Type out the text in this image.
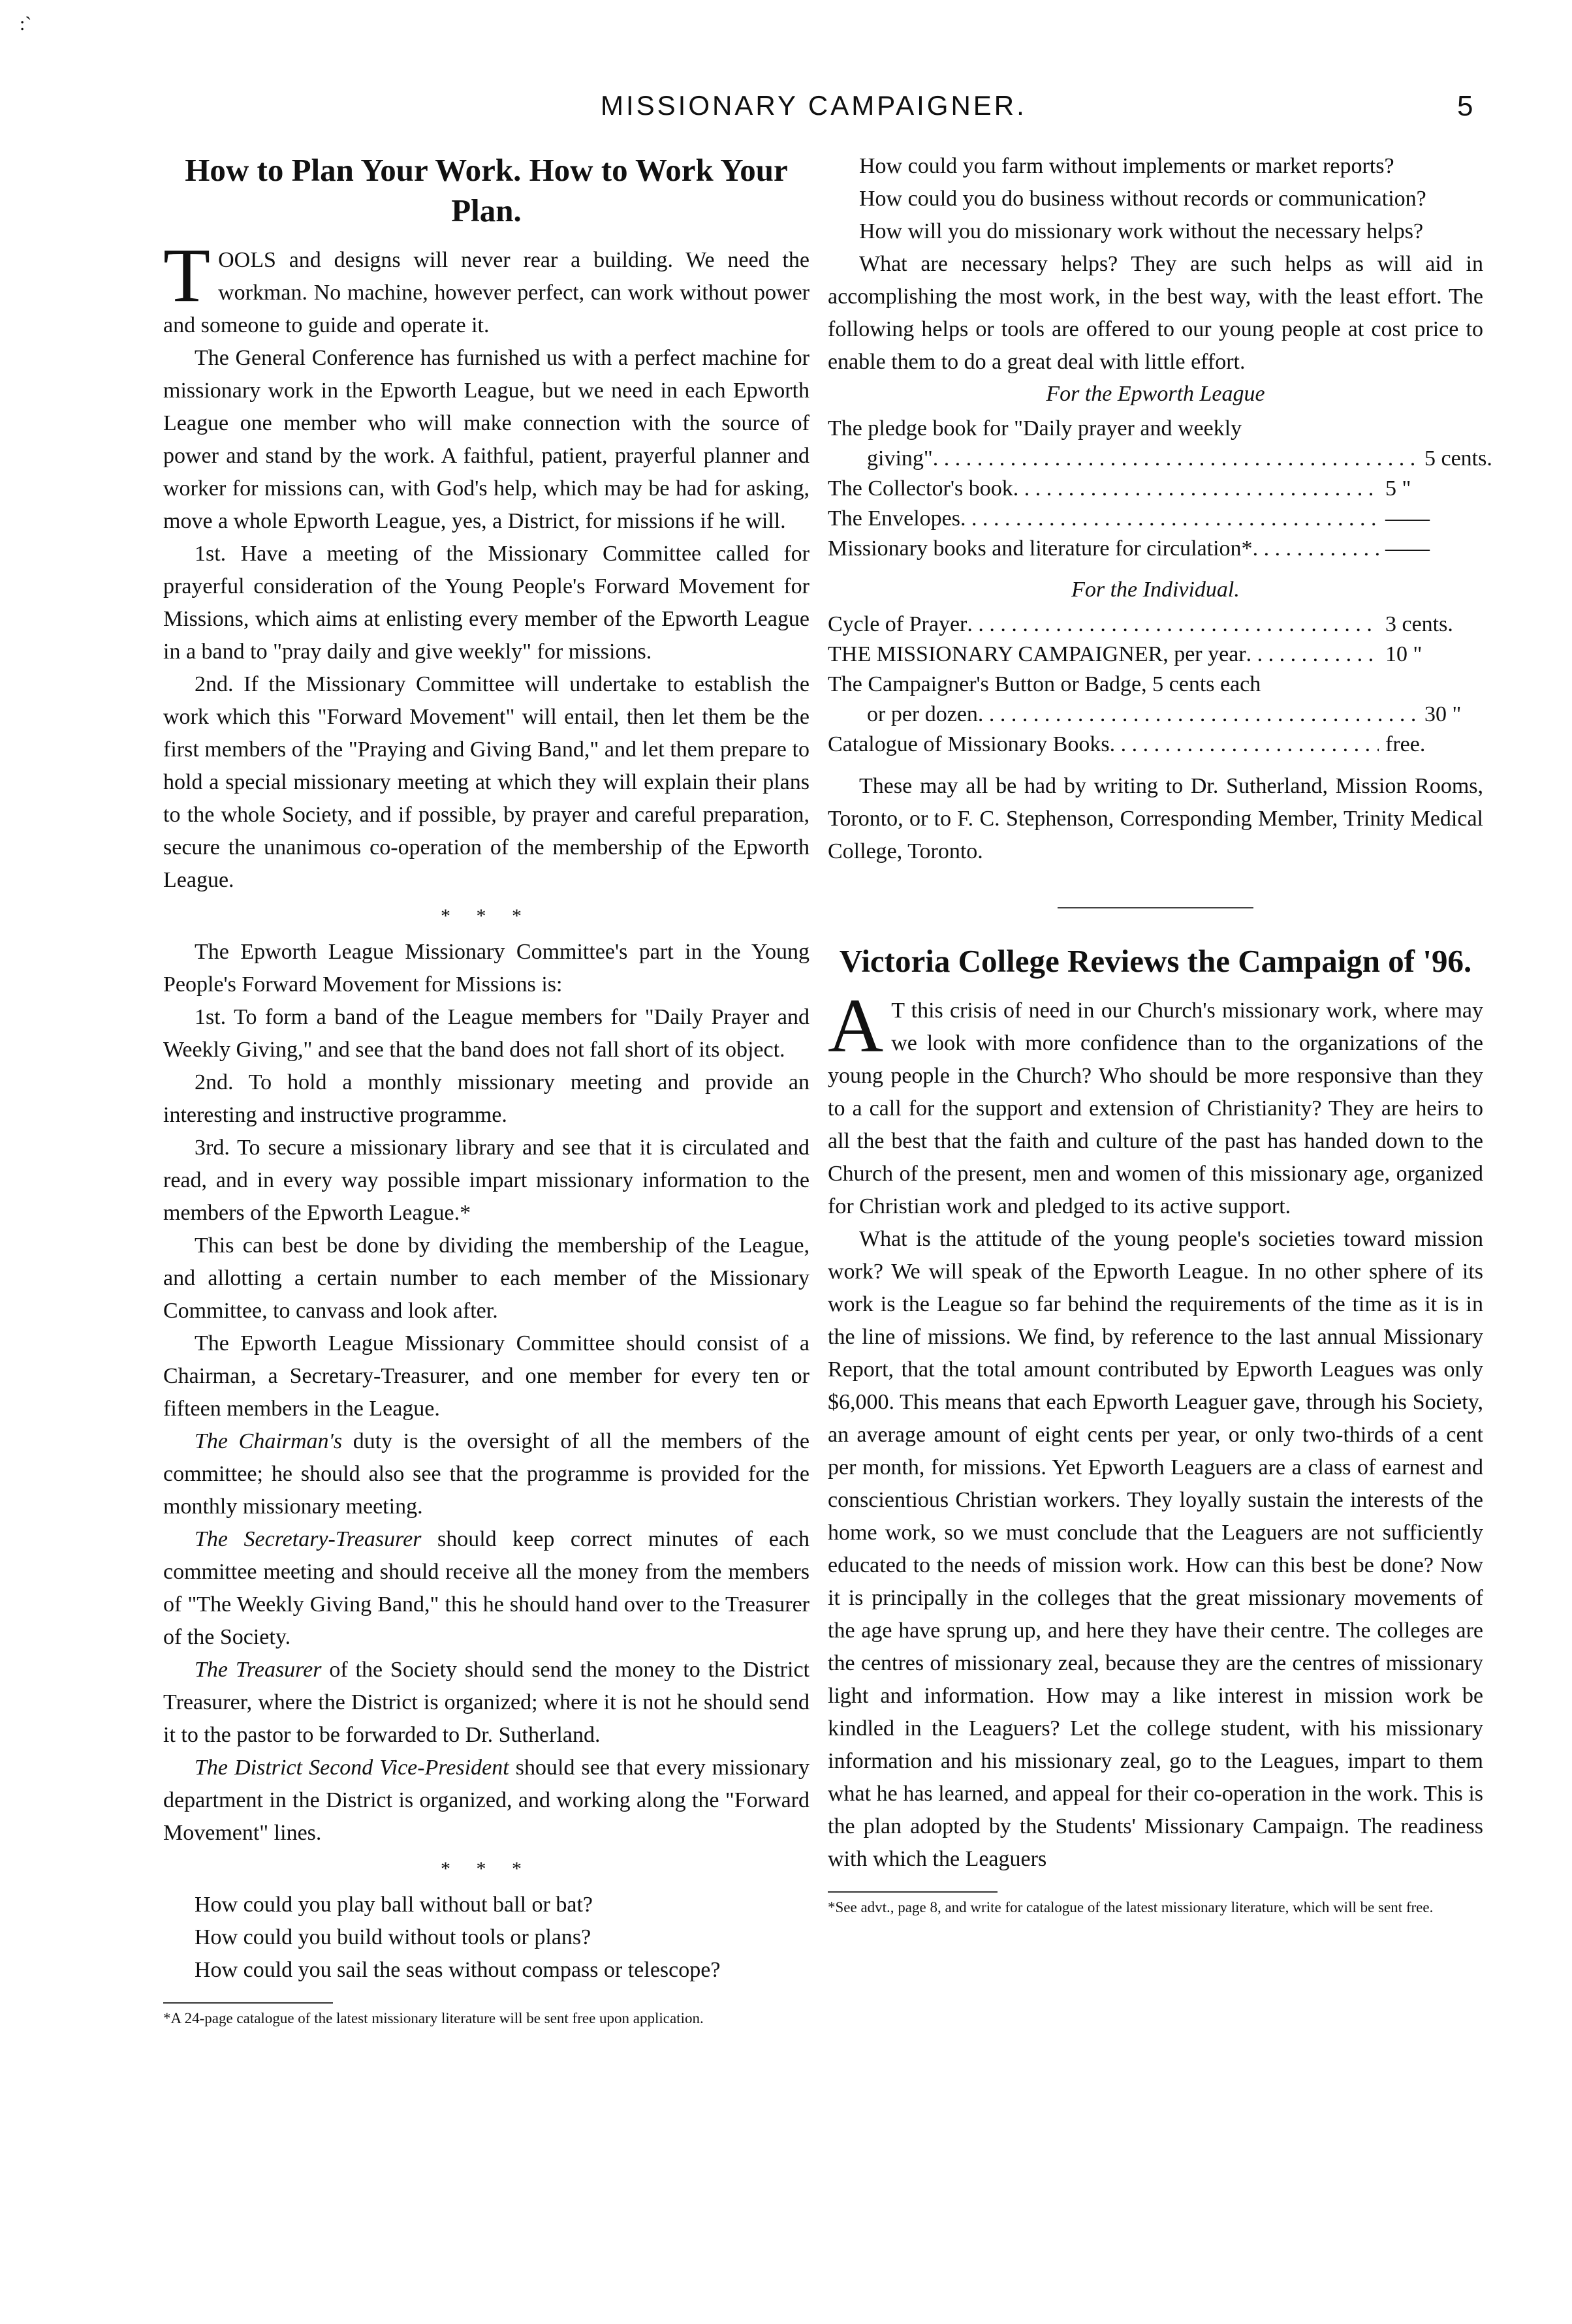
:`
MISSIONARY CAMPAIGNER.	5
How to Plan Your Work. How to Work Your Plan.

TOOLS and designs will never rear a building. We need the workman. No machine, however perfect, can work without power and someone to guide and operate it.

The General Conference has furnished us with a perfect machine for missionary work in the Epworth League, but we need in each Epworth League one member who will make connection with the source of power and stand by the work. A faithful, patient, prayerful planner and worker for missions can, with God's help, which may be had for asking, move a whole Epworth League, yes, a District, for missions if he will.

1st. Have a meeting of the Missionary Committee called for prayerful consideration of the Young People's Forward Movement for Missions, which aims at enlisting every member of the Epworth League in a band to "pray daily and give weekly" for missions.

2nd. If the Missionary Committee will undertake to establish the work which this "Forward Movement" will entail, then let them be the first members of the "Praying and Giving Band," and let them prepare to hold a special missionary meeting at which they will explain their plans to the whole Society, and if possible, by prayer and careful preparation, secure the unanimous co-operation of the membership of the Epworth League.

* * *

The Epworth League Missionary Committee's part in the Young People's Forward Movement for Missions is:

1st. To form a band of the League members for "Daily Prayer and Weekly Giving," and see that the band does not fall short of its object.

2nd. To hold a monthly missionary meeting and provide an interesting and instructive programme.

3rd. To secure a missionary library and see that it is circulated and read, and in every way possible impart missionary information to the members of the Epworth League.*

This can best be done by dividing the membership of the League, and allotting a certain number to each member of the Missionary Committee, to canvass and look after.

The Epworth League Missionary Committee should consist of a Chairman, a Secretary-Treasurer, and one member for every ten or fifteen members in the League.

The Chairman's duty is the oversight of all the members of the committee; he should also see that the programme is provided for the monthly missionary meeting.

The Secretary-Treasurer should keep correct minutes of each committee meeting and should receive all the money from the members of "The Weekly Giving Band," this he should hand over to the Treasurer of the Society.

The Treasurer of the Society should send the money to the District Treasurer, where the District is organized; where it is not he should send it to the pastor to be forwarded to Dr. Sutherland.

The District Second Vice-President should see that every missionary department in the District is organized, and working along the "Forward Movement" lines.

* * *

How could you play ball without ball or bat?

How could you build without tools or plans?

How could you sail the seas without compass or telescope?

*A 24-page catalogue of the latest missionary literature will be sent free upon application.

How could you farm without implements or market reports?

How could you do business without records or communication?

How will you do missionary work without the necessary helps?

What are necessary helps? They are such helps as will aid in accomplishing the most work, in the best way, with the least effort. The following helps or tools are offered to our young people at cost price to enable them to do a great deal with little effort.

For the Epworth League
The pledge book for "Daily prayer and weekly
giving" . . .	5 cents.
The Collector's book . . .	5 "
The Envelopes . . .	——
Missionary books and literature for circulation* . . .	——
For the Individual.
Cycle of Prayer . . .	3 cents.
THE MISSIONARY CAMPAIGNER, per year . . .	10 "
The Campaigner's Button or Badge, 5 cents each
or per dozen . . .	30 "
Catalogue of Missionary Books . . .	free.

These may all be had by writing to Dr. Sutherland, Mission Rooms, Toronto, or to F. C. Stephenson, Corresponding Member, Trinity Medical College, Toronto.

Victoria College Reviews the Campaign of '96.

A T this crisis of need in our Church's missionary work, where may we look with more confidence than to the organizations of the young people in the Church? Who should be more responsive than they to a call for the support and extension of Christianity? They are heirs to all the best that the faith and culture of the past has handed down to the Church of the present, men and women of this missionary age, organized for Christian work and pledged to its active support.

What is the attitude of the young people's societies toward mission work? We will speak of the Epworth League. In no other sphere of its work is the League so far behind the requirements of the time as it is in the line of missions. We find, by reference to the last annual Missionary Report, that the total amount contributed by Epworth Leagues was only $6,000. This means that each Epworth Leaguer gave, through his Society, an average amount of eight cents per year, or only two-thirds of a cent per month, for missions. Yet Epworth Leaguers are a class of earnest and conscientious Christian workers. They loyally sustain the interests of the home work, so we must conclude that the Leaguers are not sufficiently educated to the needs of mission work. How can this best be done? Now it is principally in the colleges that the great missionary movements of the age have sprung up, and here they have their centre. The colleges are the centres of missionary zeal, because they are the centres of missionary light and information. How may a like interest in mission work be kindled in the Leaguers? Let the college student, with his missionary information and his missionary zeal, go to the Leagues, impart to them what he has learned, and appeal for their co-operation in the work. This is the plan adopted by the Students' Missionary Campaign. The readiness with which the Leaguers

*See advt., page 8, and write for catalogue of the latest missionary literature, which will be sent free.
